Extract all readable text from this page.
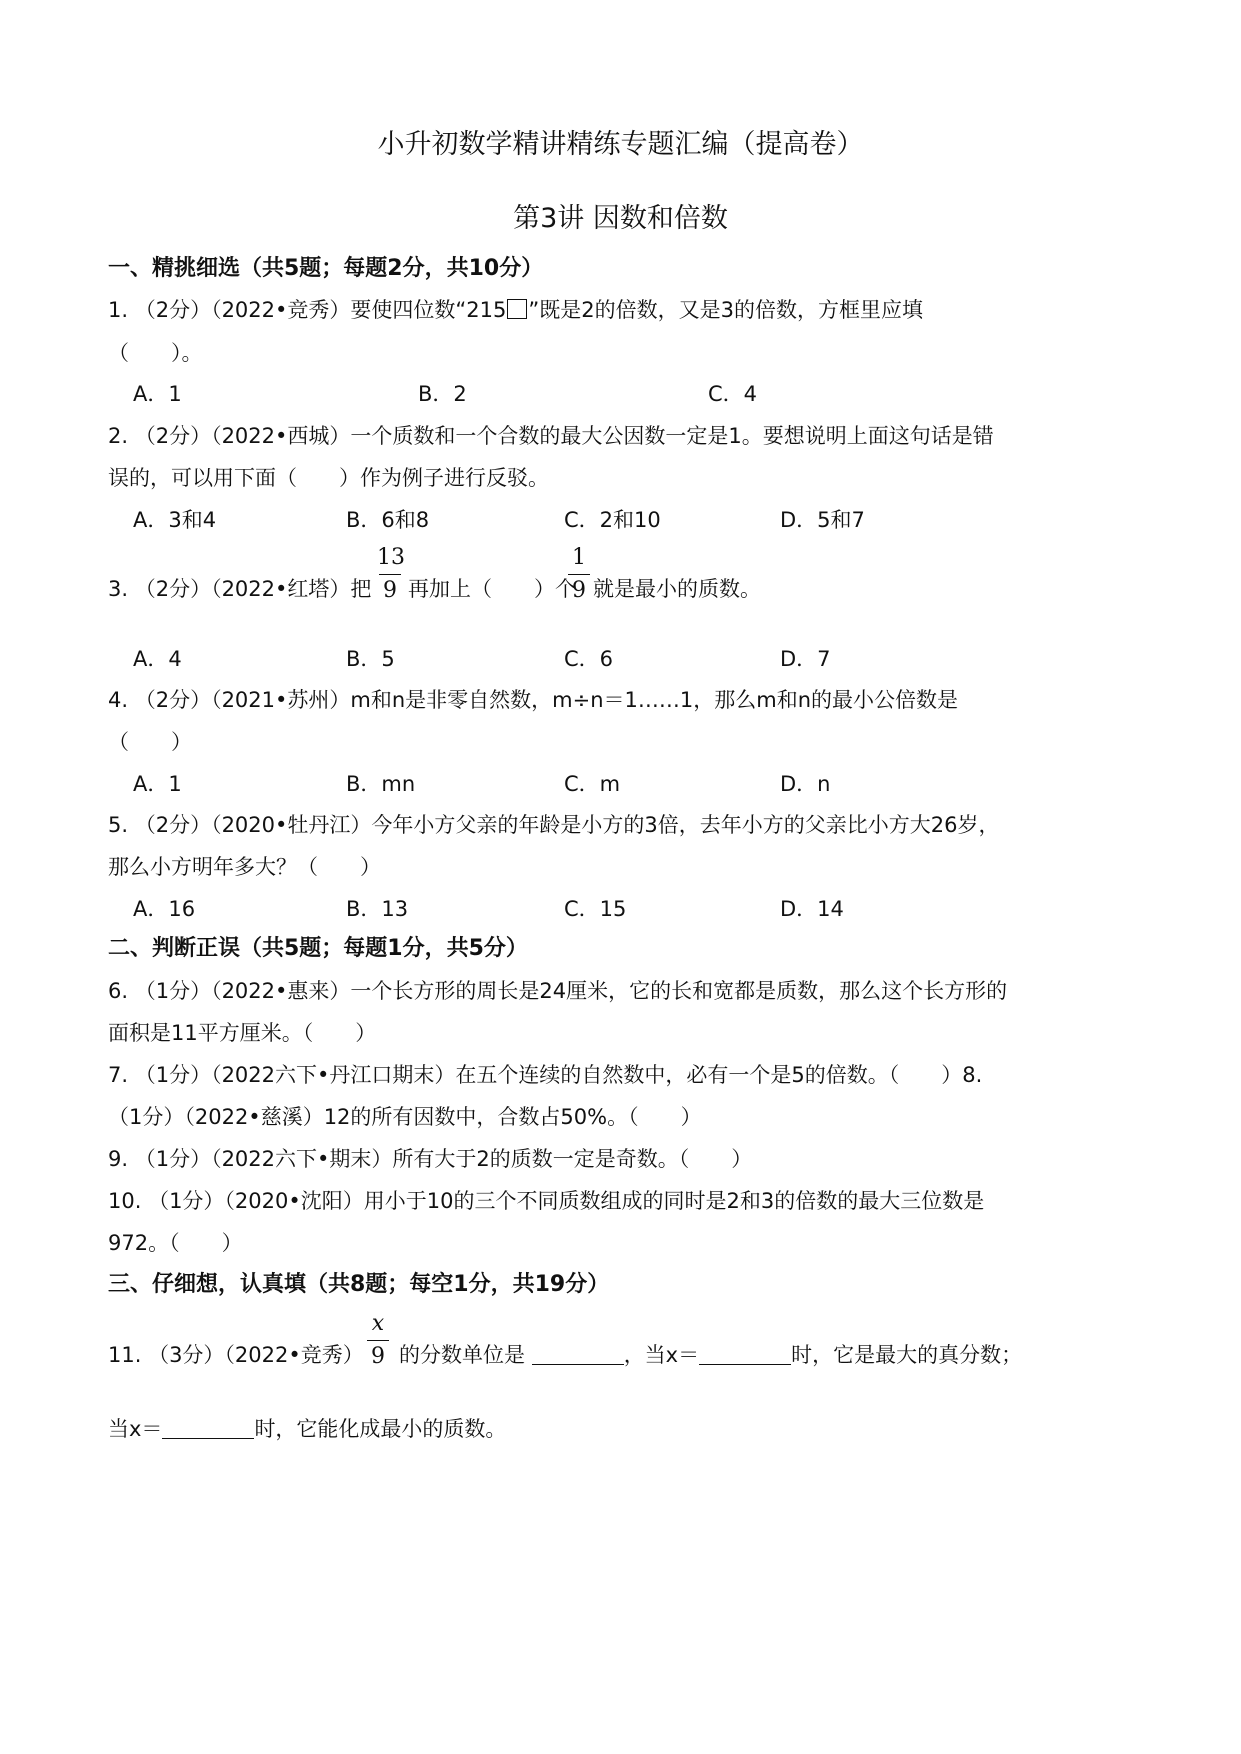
小升初数学精讲精练专题汇编（提高卷）
第3讲 因数和倍数
一、精挑细选（共5题；每题2分，共10分）
1. （2分）（2022•竞秀）要使四位数“215 ”既是2的倍数，又是3的倍数，方框里应填
（　　）。
A．1	B．2	C．4
2. （2分）（2022•西城）一个质数和一个合数的最大公因数一定是1。要想说明上面这句话是错
误的，可以用下面（　　）作为例子进行反驳。
A．3和4	B．6和8	C．2和10	D．5和7
3. （2分）（2022•红塔）把
13
9 再加上（　　）个
1
9 就是最小的质数。
A．4	B．5	C．6	D．7
4. （2分）（2021•苏州）m和n是非零自然数，m÷n＝1……1，那么m和n的最小公倍数是
（　　）
A．1	B．mn	C．m	D．n
5. （2分）（2020•牡丹江）今年小方父亲的年龄是小方的3倍，去年小方的父亲比小方大26岁，
那么小方明年多大？（　　）
A．16	B．13	C．15	D．14
二、判断正误（共5题；每题1分，共5分）
6. （1分）（2022•惠来）一个长方形的周长是24厘米，它的长和宽都是质数，那么这个长方形的
面积是11平方厘米。（　　）
7. （1分）（2022六下•丹江口期末）在五个连续的自然数中，必有一个是5的倍数。（　　）8.
（1分）（2022•慈溪）12的所有因数中，合数占50%。（　　）
9. （1分）（2022六下•期末）所有大于2的质数一定是奇数。（　　）
10. （1分）（2020•沈阳）用小于10的三个不同质数组成的同时是2和3的倍数的最大三位数是
972。（　　）
三、仔细想，认真填（共8题；每空1分，共19分）
11. （3分）（2022•竞秀）
x
9 的分数单位是	，当x＝	时，它是最大的真分数；
当x＝	时，它能化成最小的质数。
